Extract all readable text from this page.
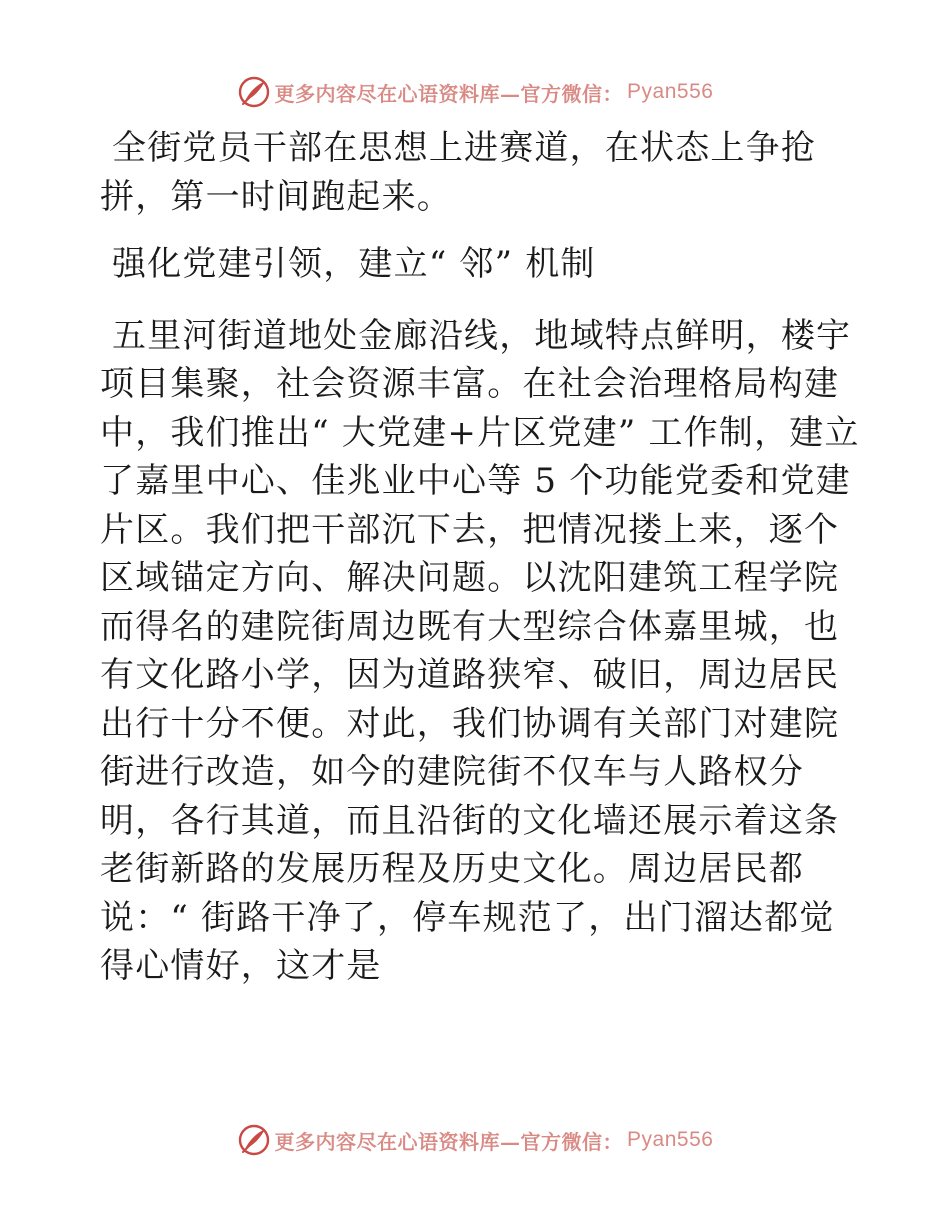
更多内容尽在心语资料库—官方微信： Pyan556

全街党员干部在思想上进赛道，在状态上争抢拼，第一时间跑起来。

强化党建引领，建立“ 邻” 机制

五里河街道地处金廊沿线，地域特点鲜明，楼宇项目集聚，社会资源丰富。在社会治理格局构建中，我们推出“ 大党建+片区党建” 工作制，建立了嘉里中心、佳兆业中心等 5 个功能党委和党建片区。我们把干部沉下去，把情况搂上来，逐个区域锚定方向、解决问题。以沈阳建筑工程学院而得名的建院街周边既有大型综合体嘉里城，也有文化路小学，因为道路狭窄、破旧，周边居民出行十分不便。对此，我们协调有关部门对建院街进行改造，如今的建院街不仅车与人路权分明，各行其道，而且沿街的文化墙还展示着这条老街新路的发展历程及历史文化。周边居民都说：“ 街路干净了，停车规范了，出门溜达都觉得心情好，这才是

更多内容尽在心语资料库—官方微信： Pyan556
